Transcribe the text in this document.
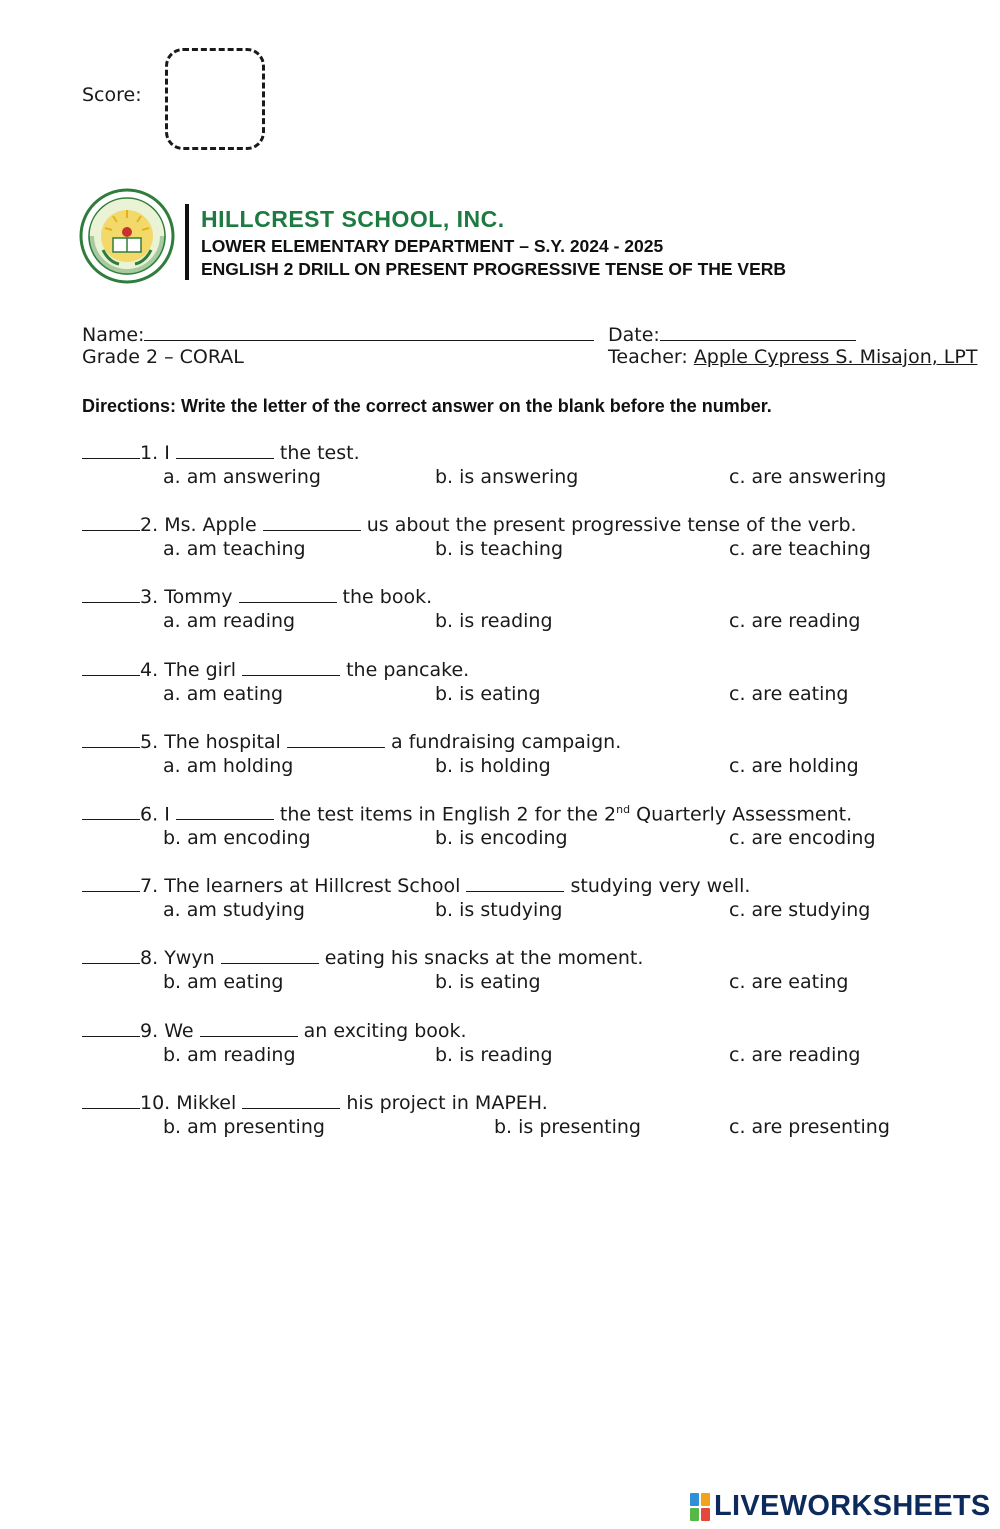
Score:
HILLCREST SCHOOL, INC.
LOWER ELEMENTARY DEPARTMENT – S.Y. 2024 - 2025
ENGLISH 2 DRILL ON PRESENT PROGRESSIVE TENSE OF THE VERB
Name:	Date:
Grade 2 – CORAL	Teacher: Apple Cypress S. Misajon, LPT
Directions: Write the letter of the correct answer on the blank before the number.
1. I	the test.
a. am answering	b. is answering	c. are answering
2. Ms. Apple	us about the present progressive tense of the verb.
a. am teaching	b. is teaching	c. are teaching
3. Tommy	the book.
a. am reading	b. is reading	c. are reading
4. The girl	the pancake.
a. am eating	b. is eating	c. are eating
5. The hospital	a fundraising campaign.
a. am holding	b. is holding	c. are holding
6. I	the test items in English 2 for the 2nd Quarterly Assessment.
b. am encoding	b. is encoding	c. are encoding
7. The learners at Hillcrest School	studying very well.
a. am studying	b. is studying	c. are studying
8. Ywyn	eating his snacks at the moment.
b. am eating	b. is eating	c. are eating
9. We	an exciting book.
b. am reading	b. is reading	c. are reading
10. Mikkel	his project in MAPEH.
b. am presenting	b. is presenting	c. are presenting
LIVEWORKSHEETS
